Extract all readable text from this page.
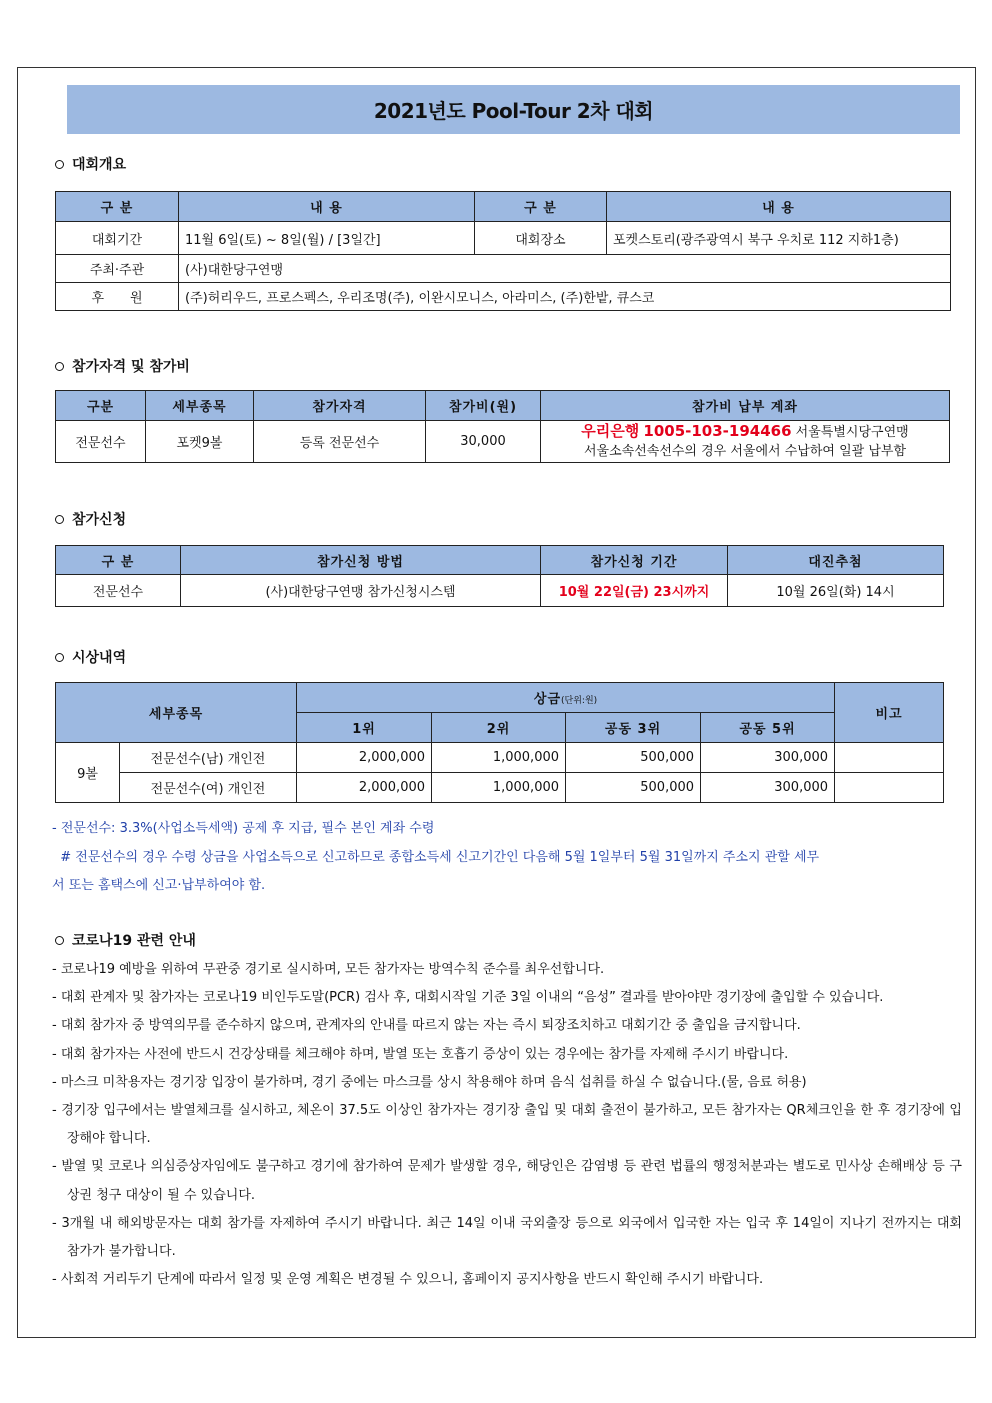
2021년도 Pool-Tour 2차 대회
대회개요
구 분	내 용	구 분	내 용
대회기간	11월 6일(토) ~ 8일(월) / [3일간]	대회장소	포켓스토리(광주광역시 북구 우치로 112 지하1층)
주최·주관	(사)대한당구연맹		
후　　원	(주)허리우드, 프로스펙스, 우리조명(주), 이완시모니스, 아라미스, (주)한밭, 큐스코		
참가자격 및 참가비
구분	세부종목	참가자격	참가비(원)	참가비 납부 계좌
전문선수	포켓9볼	등록 전문선수	30,000	우리은행 1005-103-194466 서울특별시당구연맹
서울소속선속선수의 경우 서울에서 수납하여 일괄 납부함
참가신청
구 분	참가신청 방법	참가신청 기간	대진추첨
전문선수	(사)대한당구연맹 참가신청시스템	10월 22일(금) 23시까지	10월 26일(화) 14시
시상내역
세부종목		상금(단위:원)				비고
		1위	2위	공동 3위	공동 5위	
9볼	전문선수(남) 개인전	2,000,000	1,000,000	500,000	300,000	
	전문선수(여) 개인전	2,000,000	1,000,000	500,000	300,000	
- 전문선수: 3.3%(사업소득세액) 공제 후 지급, 필수 본인 계좌 수령
# 전문선수의 경우 수령 상금을 사업소득으로 신고하므로 종합소득세 신고기간인 다음해 5월 1일부터 5월 31일까지 주소지 관할 세무
서 또는 홈택스에 신고·납부하여야 함.
코로나19 관련 안내

- 코로나19 예방을 위하여 무관중 경기로 실시하며, 모든 참가자는 방역수칙 준수를 최우선합니다.

- 대회 관계자 및 참가자는 코로나19 비인두도말(PCR) 검사 후, 대회시작일 기준 3일 이내의 “음성” 결과를 받아야만 경기장에 출입할 수 있습니다.

- 대회 참가자 중 방역의무를 준수하지 않으며, 관계자의 안내를 따르지 않는 자는 즉시 퇴장조치하고 대회기간 중 출입을 금지합니다.

- 대회 참가자는 사전에 반드시 건강상태를 체크해야 하며, 발열 또는 호흡기 증상이 있는 경우에는 참가를 자제해 주시기 바랍니다.

- 마스크 미착용자는 경기장 입장이 불가하며, 경기 중에는 마스크를 상시 착용해야 하며 음식 섭취를 하실 수 없습니다.(물, 음료 허용)

- 경기장 입구에서는 발열체크를 실시하고, 체온이 37.5도 이상인 참가자는 경기장 출입 및 대회 출전이 불가하고, 모든 참가자는 QR체크인을 한 후 경기장에 입장해야 합니다.

- 발열 및 코로나 의심증상자임에도 불구하고 경기에 참가하여 문제가 발생할 경우, 해당인은 감염병 등 관련 법률의 행정처분과는 별도로 민사상 손해배상 등 구상권 청구 대상이 될 수 있습니다.

- 3개월 내 해외방문자는 대회 참가를 자제하여 주시기 바랍니다. 최근 14일 이내 국외출장 등으로 외국에서 입국한 자는 입국 후 14일이 지나기 전까지는 대회 참가가 불가합니다.

- 사회적 거리두기 단계에 따라서 일정 및 운영 계획은 변경될 수 있으니, 홈페이지 공지사항을 반드시 확인해 주시기 바랍니다.
